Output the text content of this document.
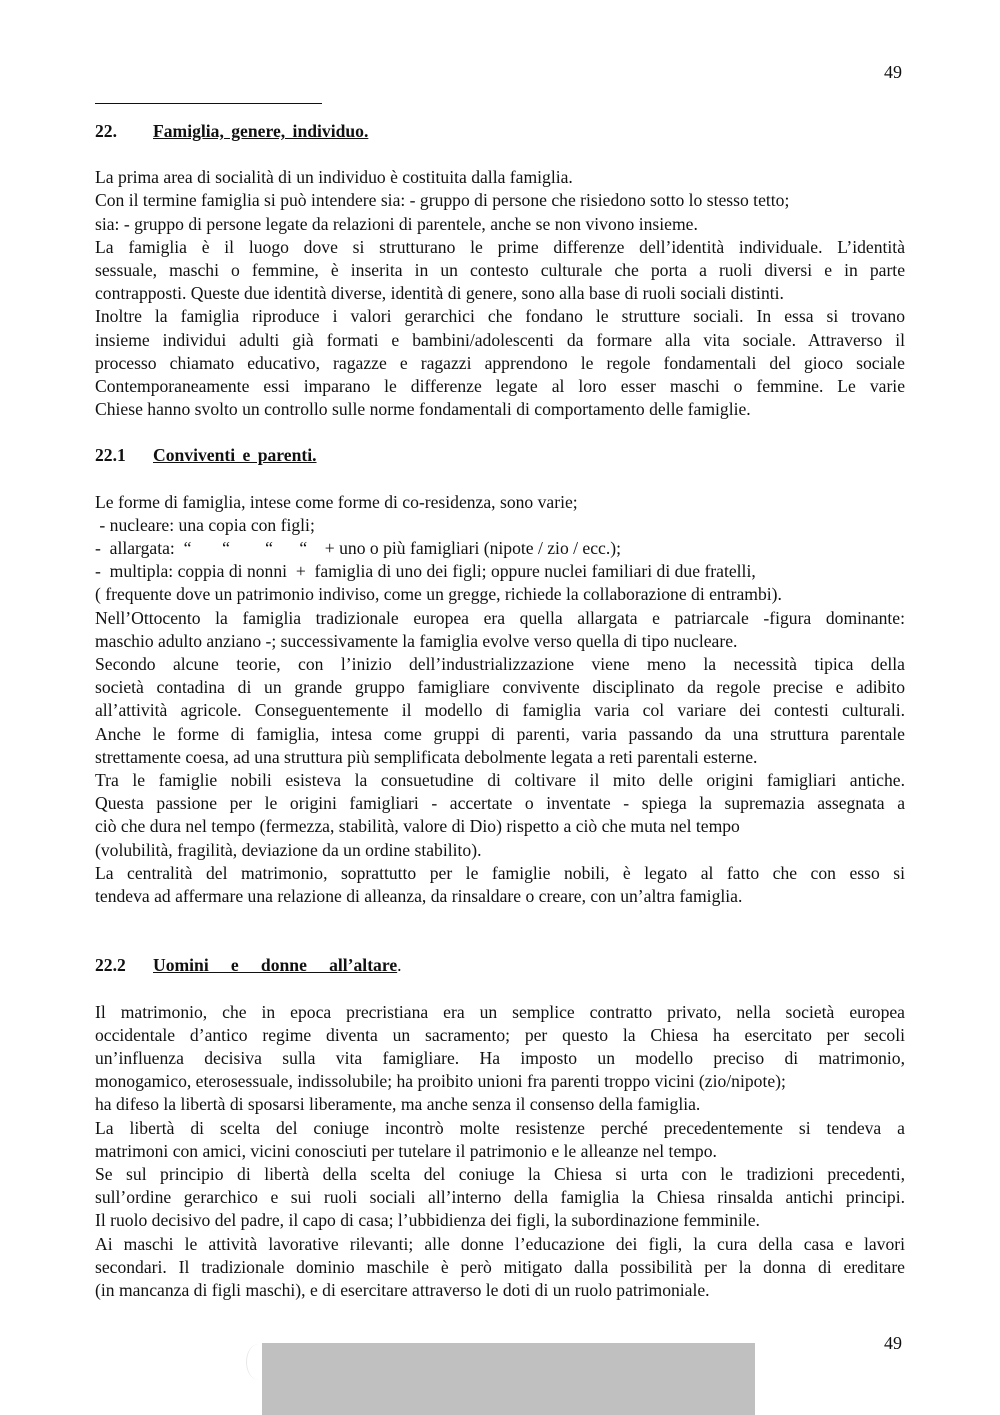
49
22. Famiglia, genere, individuo.

La prima area di socialità di un individuo è costituita dalla famiglia.

Con il termine famiglia si può intendere sia: - gruppo di persone che risiedono sotto lo stesso tetto;

sia: - gruppo di persone legate da relazioni di parentele, anche se non vivono insieme.

La famiglia è il luogo dove si strutturano le prime differenze dell’identità individuale. L’identità

sessuale, maschi o femmine, è inserita in un contesto culturale che porta a ruoli diversi e in parte

contrapposti. Queste due identità diverse, identità di genere, sono alla base di ruoli sociali distinti.

Inoltre la famiglia riproduce i valori gerarchici che fondano le strutture sociali. In essa si trovano

insieme individui adulti già formati e bambini/adolescenti da formare alla vita sociale. Attraverso il

processo chiamato educativo, ragazze e ragazzi apprendono le regole fondamentali del gioco sociale

Contemporaneamente essi imparano le differenze legate al loro esser maschi o femmine. Le varie

Chiese hanno svolto un controllo sulle norme fondamentali di comportamento delle famiglie.

22.1 Conviventi e parenti.

Le forme di famiglia, intese come forme di co-residenza, sono varie;

- nucleare: una copia con figli;

-  allargata:  “       “        “      “    + uno o più famigliari (nipote / zio / ecc.);

-  multipla: coppia di nonni  +  famiglia di uno dei figli; oppure nuclei familiari di due fratelli,

( frequente dove un patrimonio indiviso, come un gregge, richiede la collaborazione di entrambi).

Nell’Ottocento la famiglia tradizionale europea era quella allargata e patriarcale -figura dominante:

maschio adulto anziano -; successivamente la famiglia evolve verso quella di tipo nucleare.

Secondo alcune teorie, con l’inizio dell’industrializzazione viene meno la necessità tipica della

società contadina di un grande gruppo famigliare convivente disciplinato da regole precise e adibito

all’attività agricole. Conseguentemente il modello di famiglia varia col variare dei contesti culturali.

Anche le forme di famiglia, intesa come gruppi di parenti, varia passando da una struttura parentale

strettamente coesa, ad una struttura più semplificata debolmente legata a reti parentali esterne.

Tra le famiglie nobili esisteva la consuetudine di coltivare il mito delle origini famigliari antiche.

Questa passione per le origini famigliari - accertate o inventate - spiega la supremazia assegnata a

ciò che dura nel tempo (fermezza, stabilità, valore di Dio) rispetto a ciò che muta nel tempo

(volubilità, fragilità, deviazione da un ordine stabilito).

La centralità del matrimonio, soprattutto per le famiglie nobili, è legato al fatto che con esso si

tendeva ad affermare una relazione di alleanza, da rinsaldare o creare, con un’altra famiglia.

22.2 Uomini   e   donne   all’altare.

Il matrimonio, che in epoca precristiana era un semplice contratto privato, nella società europea

occidentale d’antico regime diventa un sacramento; per questo la Chiesa ha esercitato per secoli

un’influenza decisiva sulla vita famigliare. Ha imposto un modello preciso di matrimonio,

monogamico, eterosessuale, indissolubile; ha proibito unioni fra parenti troppo vicini (zio/nipote);

ha difeso la libertà di sposarsi liberamente, ma anche senza il consenso della famiglia.

La libertà di scelta del coniuge incontrò molte resistenze perché precedentemente si tendeva a

matrimoni con amici, vicini conosciuti per tutelare il patrimonio e le alleanze nel tempo.

Se sul principio di libertà della scelta del coniuge la Chiesa si urta con le tradizioni precedenti,

sull’ordine gerarchico e sui ruoli sociali all’interno della famiglia la Chiesa rinsalda antichi principi.

Il ruolo decisivo del padre, il capo di casa; l’ubbidienza dei figli, la subordinazione femminile.

Ai maschi le attività lavorative rilevanti; alle donne l’educazione dei figli, la cura della casa e lavori

secondari. Il tradizionale dominio maschile è però mitigato dalla possibilità per la donna di ereditare

(in mancanza di figli maschi), e di esercitare attraverso le doti di un ruolo patrimoniale.

49
